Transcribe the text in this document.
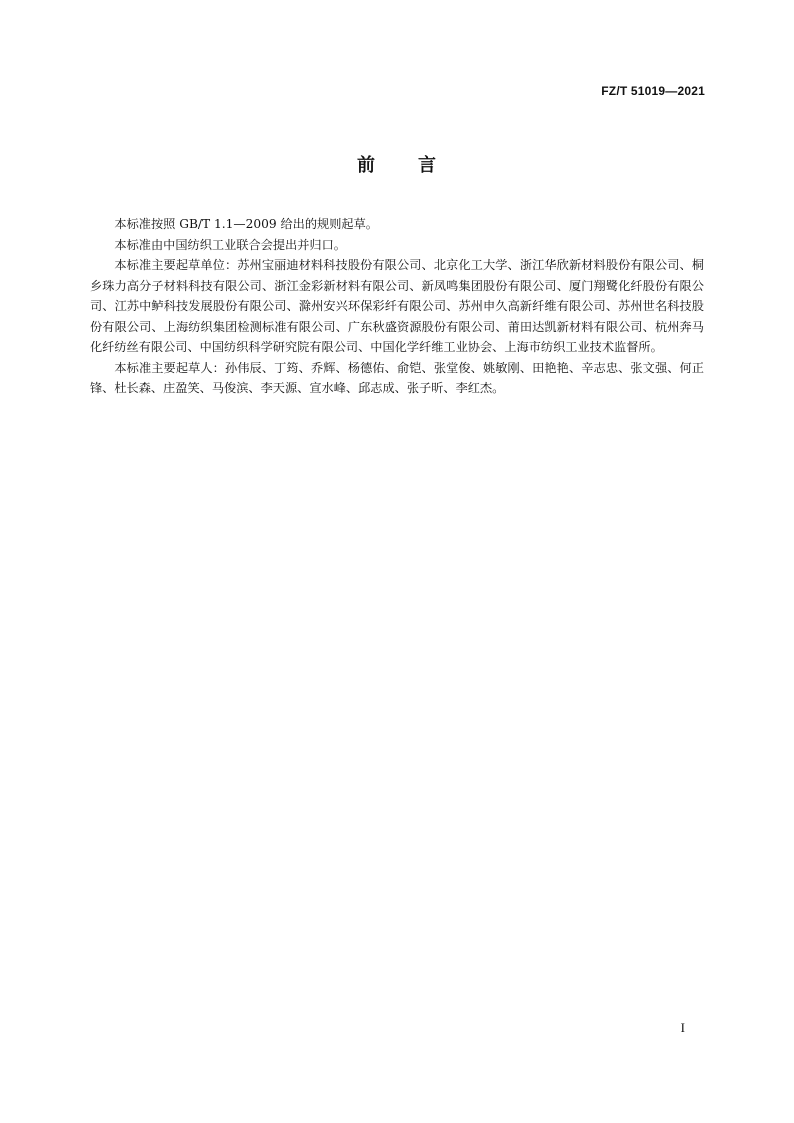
FZ/T 51019—2021
前 言

本标准按照 GB/T 1.1—2009 给出的规则起草。

本标准由中国纺织工业联合会提出并归口。

本标准主要起草单位：苏州宝丽迪材料科技股份有限公司、北京化工大学、浙江华欣新材料股份有限公司、桐乡珠力高分子材料科技有限公司、浙江金彩新材料有限公司、新凤鸣集团股份有限公司、厦门翔鹭化纤股份有限公司、江苏中鲈科技发展股份有限公司、滁州安兴环保彩纤有限公司、苏州申久高新纤维有限公司、苏州世名科技股份有限公司、上海纺织集团检测标准有限公司、广东秋盛资源股份有限公司、莆田达凯新材料有限公司、杭州奔马化纤纺丝有限公司、中国纺织科学研究院有限公司、中国化学纤维工业协会、上海市纺织工业技术监督所。

本标准主要起草人：孙伟辰、丁筠、乔辉、杨德佑、俞铠、张堂俊、姚敏刚、田艳艳、辛志忠、张文强、何正锋、杜长森、庄盈笑、马俊滨、李天源、宣水峰、邱志成、张子昕、李红杰。

I
